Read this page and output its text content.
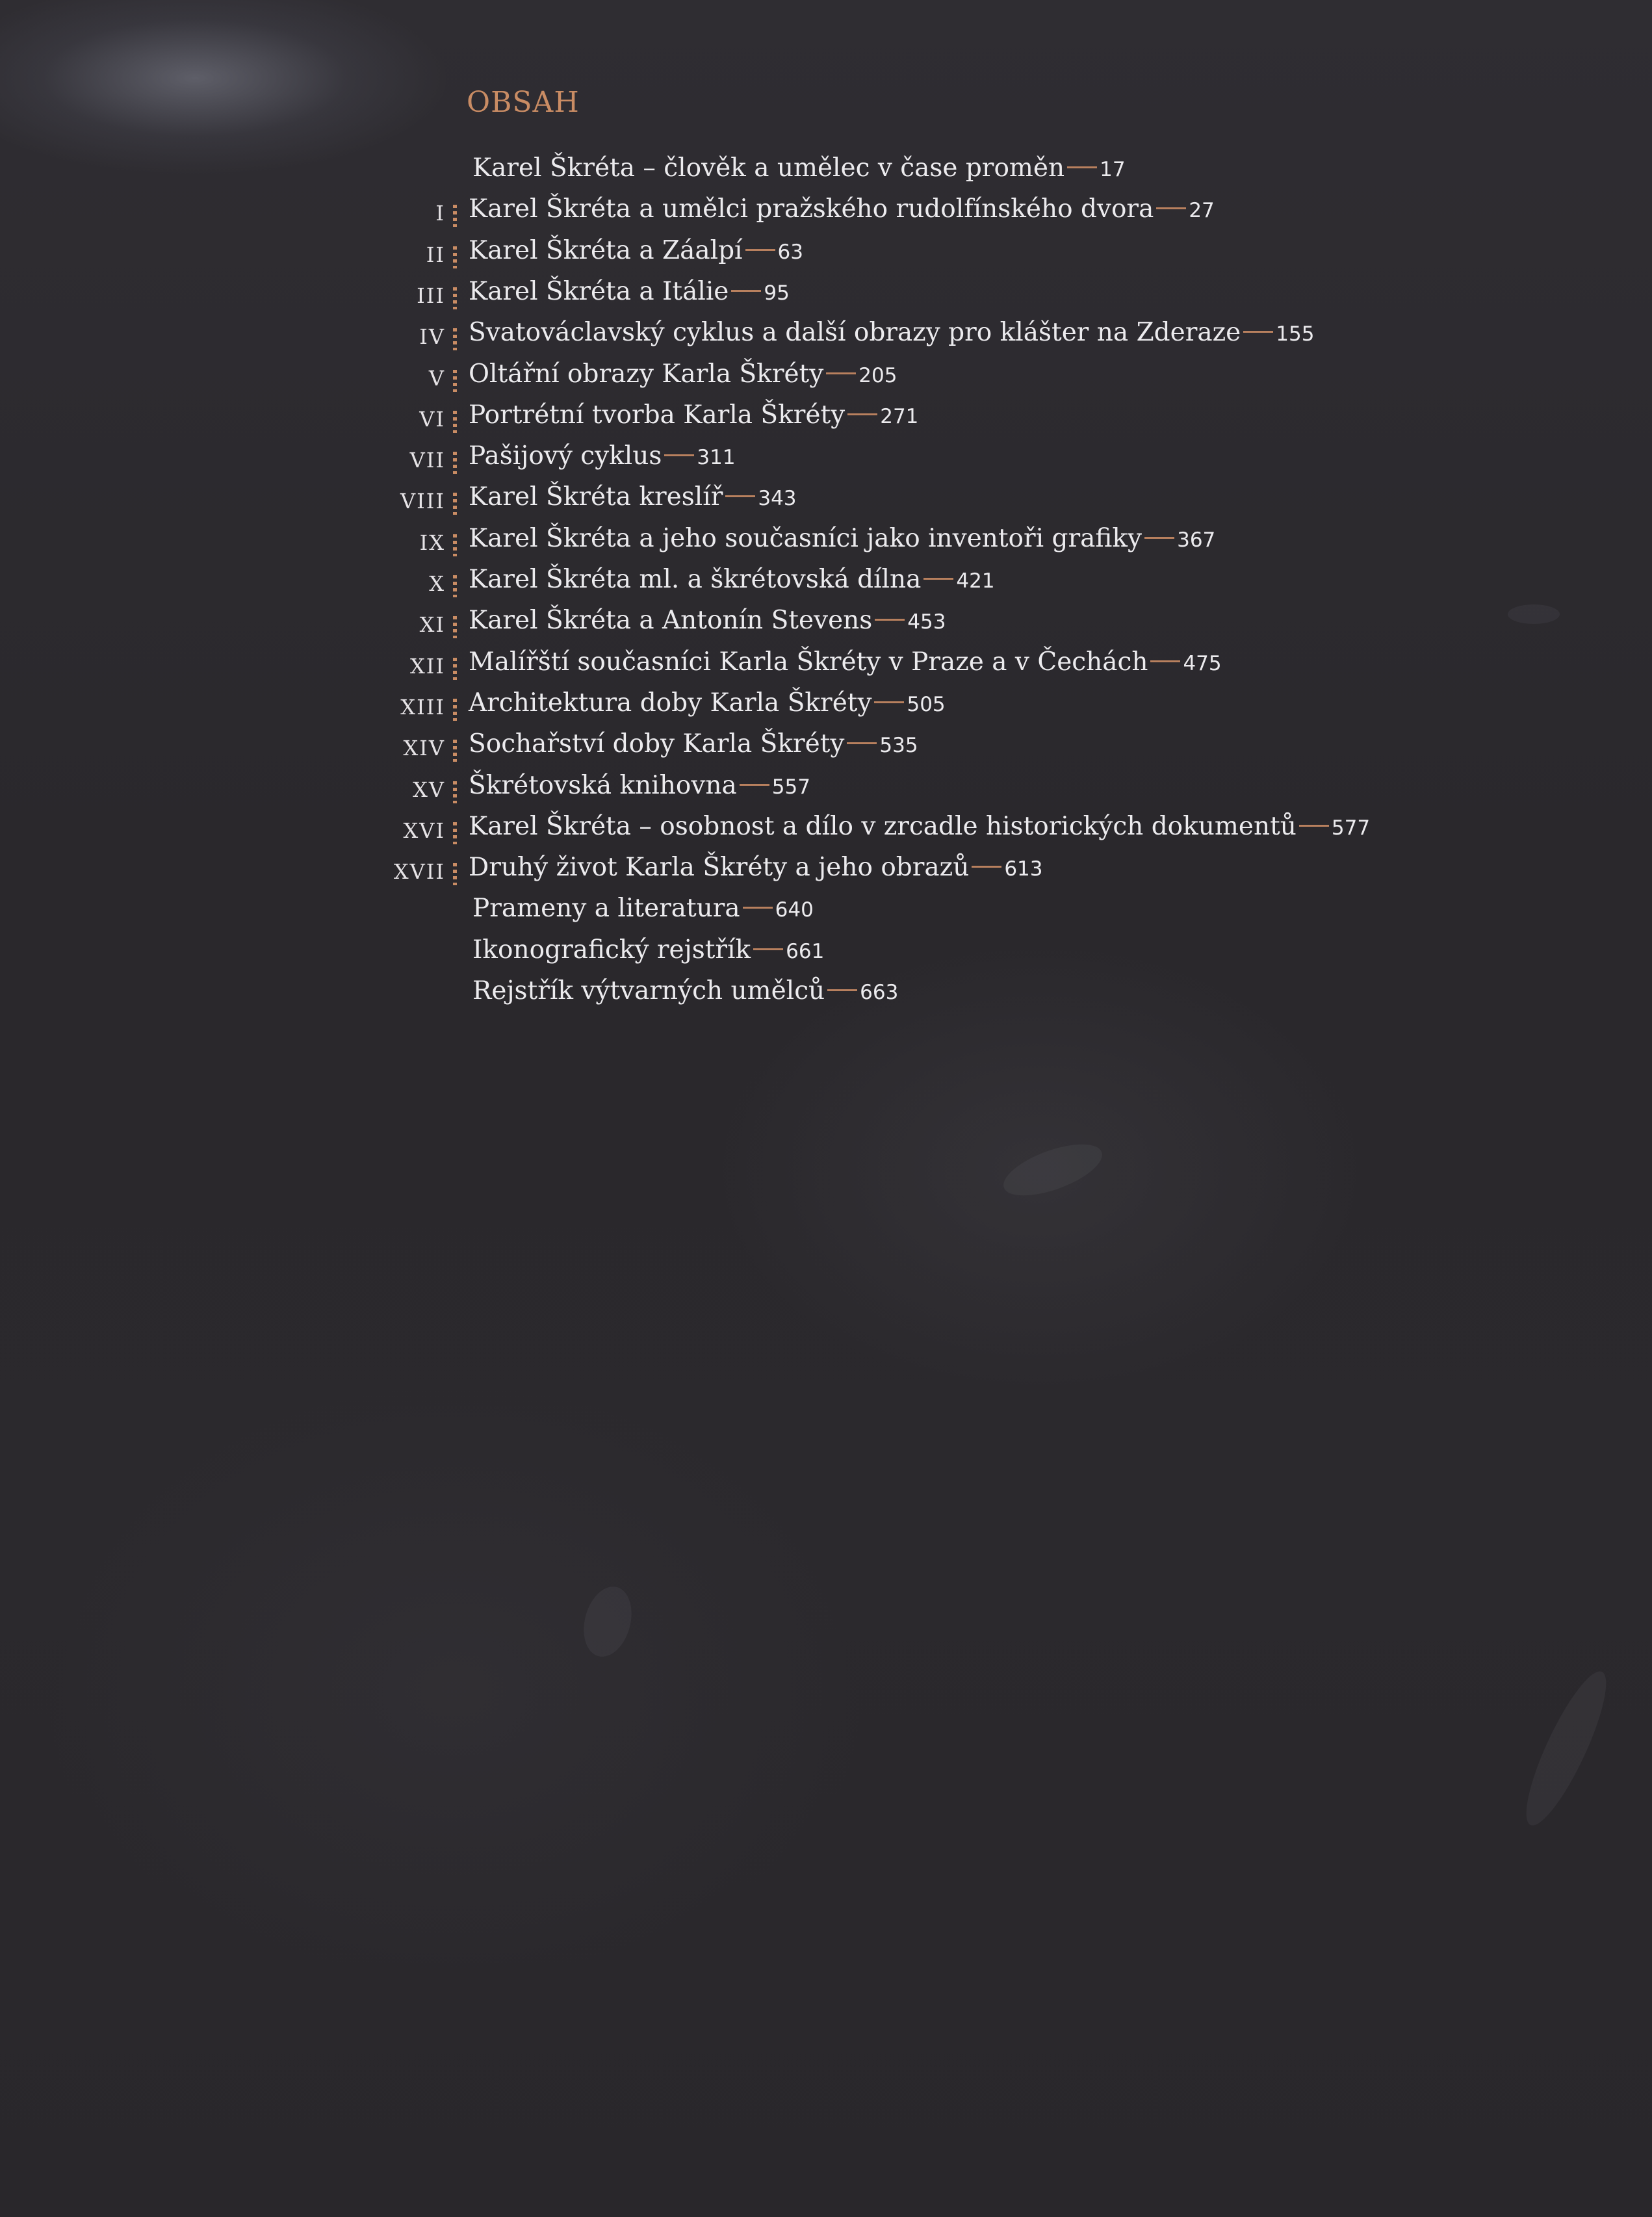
OBSAH
Karel Škréta – člověk a umělec v čase proměn 17
I Karel Škréta a umělci pražského rudolfínského dvora 27
II Karel Škréta a Záalpí 63
III Karel Škréta a Itálie 95
IV Svatováclavský cyklus a další obrazy pro klášter na Zderaze 155
V Oltářní obrazy Karla Škréty 205
VI Portrétní tvorba Karla Škréty 271
VII Pašijový cyklus 311
VIII Karel Škréta kreslíř 343
IX Karel Škréta a jeho současníci jako inventoři grafiky 367
X Karel Škréta ml. a škrétovská dílna 421
XI Karel Škréta a Antonín Stevens 453
XII Malířští současníci Karla Škréty v Praze a v Čechách 475
XIII Architektura doby Karla Škréty 505
XIV Sochařství doby Karla Škréty 535
XV Škrétovská knihovna 557
XVI Karel Škréta – osobnost a dílo v zrcadle historických dokumentů 577
XVII Druhý život Karla Škréty a jeho obrazů 613
Prameny a literatura 640
Ikonografický rejstřík 661
Rejstřík výtvarných umělců 663
